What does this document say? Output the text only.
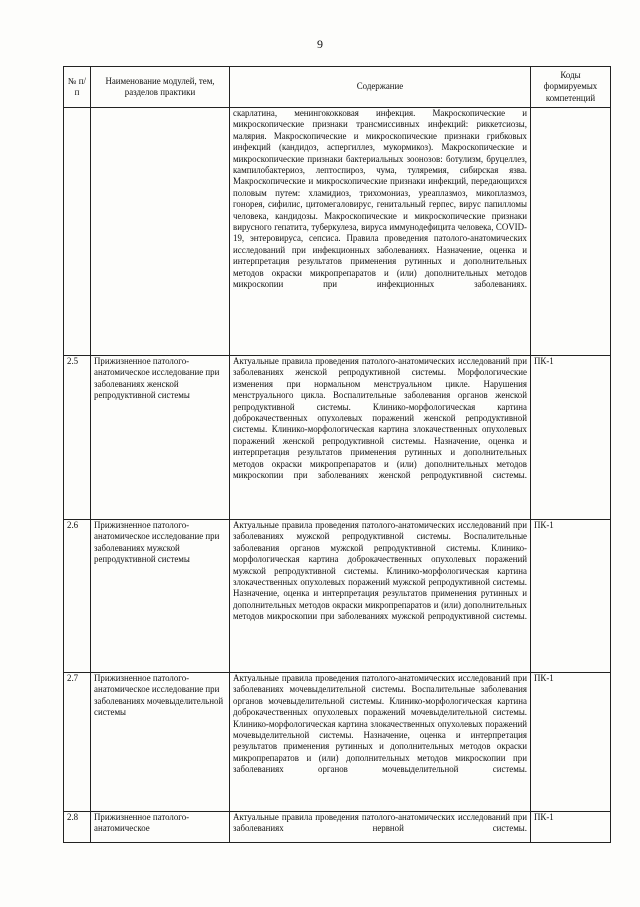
9
№ п/п	Наименование модулей, тем, разделов практики	Содержание	Коды формируемых компетенций
		скарлатина, менингококковая инфекция. Макроскопические и микроскопические признаки трансмиссивных инфекций: риккетсиозы, малярия. Макроскопические и микроскопические признаки грибковых инфекций (кандидоз, аспергиллез, мукормикоз). Макроскопические и микроскопические признаки бактериальных зоонозов: ботулизм, бруцеллез, кампилобактериоз, лептоспироз, чума, туляремия, сибирская язва. Макроскопические и микроскопические признаки инфекций, передающихся половым путем: хламидиоз, трихомониаз, уреаплазмоз, микоплазмоз, гонорея, сифилис, цитомегаловирус, генитальный герпес, вирус папилломы человека, кандидозы. Макроскопические и микроскопические признаки вирусного гепатита, туберкулеза, вируса иммунодефицита человека, COVID-19, энтеровируса, сепсиса. Правила проведения патолого-анатомических исследований при инфекционных заболеваниях. Назначение, оценка и интерпретация результатов применения рутинных и дополнительных методов окраски микропрепаратов и (или) дополнительных методов микроскопии при инфекционных заболеваниях.	
2.5	Прижизненное патолого-анатомическое исследование при заболеваниях женской репродуктивной системы	Актуальные правила проведения патолого-анатомических исследований при заболеваниях женской репродуктивной системы. Морфологические изменения при нормальном менструальном цикле. Нарушения менструального цикла. Воспалительные заболевания органов женской репродуктивной системы. Клинико-морфологическая картина доброкачественных опухолевых поражений женской репродуктивной системы. Клинико-морфологическая картина злокачественных опухолевых поражений женской репродуктивной системы. Назначение, оценка и интерпретация результатов применения рутинных и дополнительных методов окраски микропрепаратов и (или) дополнительных методов микроскопии при заболеваниях женской репродуктивной системы.	ПК-1
2.6	Прижизненное патолого-анатомическое исследование при заболеваниях мужской репродуктивной системы	Актуальные правила проведения патолого-анатомических исследований при заболеваниях мужской репродуктивной системы. Воспалительные заболевания органов мужской репродуктивной системы. Клинико-морфологическая картина доброкачественных опухолевых поражений мужской репродуктивной системы. Клинико-морфологическая картина злокачественных опухолевых поражений мужской репродуктивной системы. Назначение, оценка и интерпретация результатов применения рутинных и дополнительных методов окраски микропрепаратов и (или) дополнительных методов микроскопии при заболеваниях мужской репродуктивной системы.	ПК-1
2.7	Прижизненное патолого-анатомическое исследование при заболеваниях мочевыделительной системы	Актуальные правила проведения патолого-анатомических исследований при заболеваниях мочевыделительной системы. Воспалительные заболевания органов мочевыделительной системы. Клинико-морфологическая картина доброкачественных опухолевых поражений мочевыделительной системы. Клинико-морфологическая картина злокачественных опухолевых поражений мочевыделительной системы. Назначение, оценка и интерпретация результатов применения рутинных и дополнительных методов окраски микропрепаратов и (или) дополнительных методов микроскопии при заболеваниях органов мочевыделительной системы.	ПК-1
2.8	Прижизненное патолого-анатомическое	Актуальные правила проведения патолого-анатомических исследований при заболеваниях нервной системы.	ПК-1
